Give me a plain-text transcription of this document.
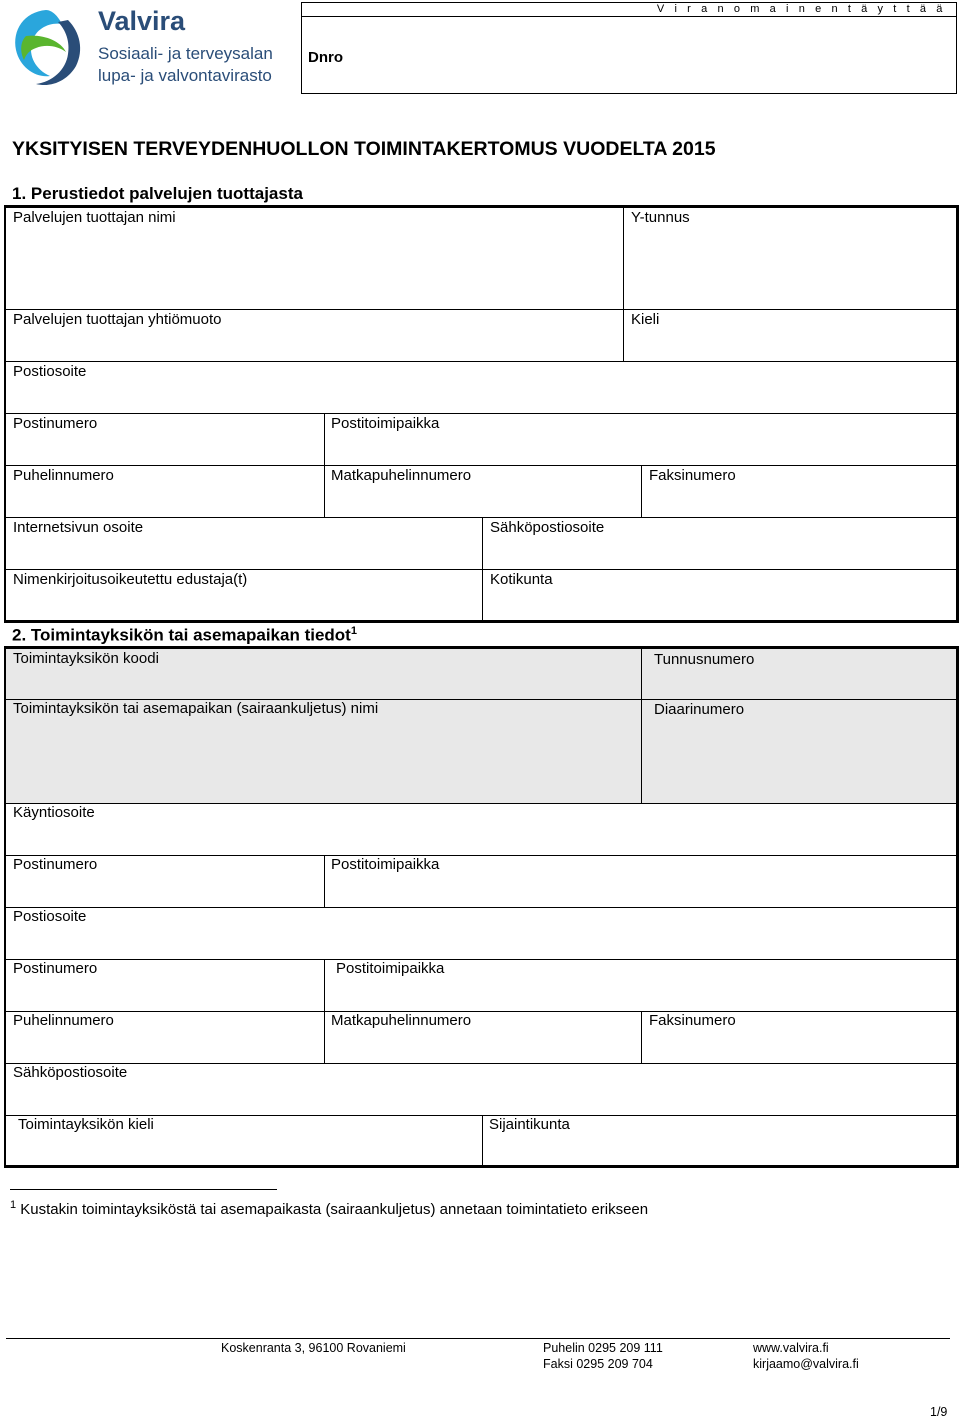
Valvira
Sosiaali- ja terveysalan
lupa- ja valvontavirasto
V i r a n o m a i n e n t ä y t t ä ä
Dnro
YKSITYISEN TERVEYDENHUOLLON TOIMINTAKERTOMUS VUODELTA 2015
1. Perustiedot palvelujen tuottajasta
Palvelujen tuottajan nimi	Y-tunnus
Palvelujen tuottajan yhtiömuoto	Kieli
Postiosoite
Postinumero	Postitoimipaikka
Puhelinnumero	Matkapuhelinnumero	Faksinumero
Internetsivun osoite	Sähköpostiosoite
Nimenkirjoitusoikeutettu edustaja(t)	Kotikunta
2. Toimintayksikön tai asemapaikan tiedot$^1$
Toimintayksikön koodi	Tunnusnumero
Toimintayksikön tai asemapaikan (sairaankuljetus) nimi	Diaarinumero
Käyntiosoite
Postinumero	Postitoimipaikka
Postiosoite
Postinumero	Postitoimipaikka
Puhelinnumero	Matkapuhelinnumero	Faksinumero
Sähköpostiosoite
Toimintayksikön kieli	Sijaintikunta
$^1$ Kustakin toimintayksiköstä tai asemapaikasta (sairaankuljetus) annetaan toimintatieto erikseen
Koskenranta 3, 96100 Rovaniemi	Puhelin 0295 209 111
Faksi 0295 209 704
www.valvira.fi
kirjaamo@valvira.fi
1/9
